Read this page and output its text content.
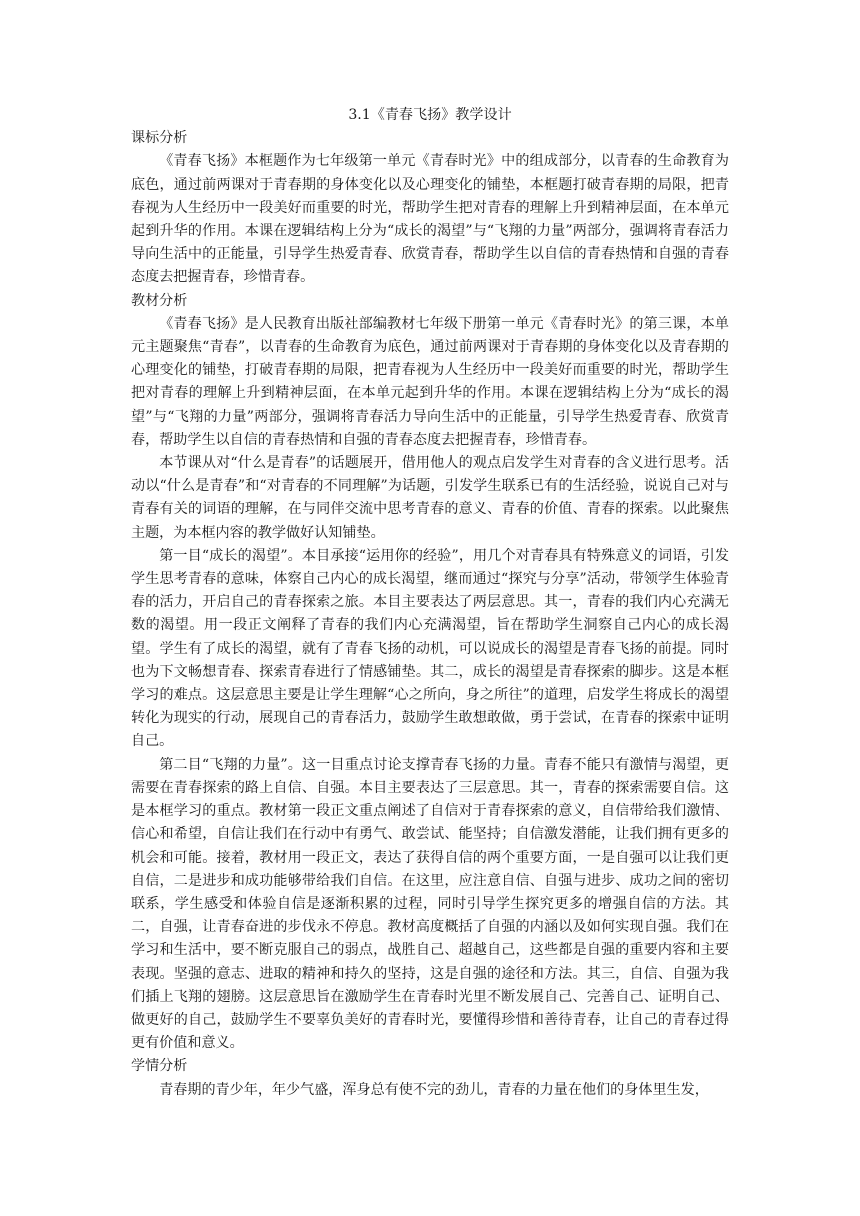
3.1《青春飞扬》教学设计

课标分析

《青春飞扬》本框题作为七年级第一单元《青春时光》中的组成部分，以青春的生命教育为底色，通过前两课对于青春期的身体变化以及心理变化的铺垫，本框题打破青春期的局限，把青春视为人生经历中一段美好而重要的时光，帮助学生把对青春的理解上升到精神层面，在本单元起到升华的作用。本课在逻辑结构上分为“成长的渴望”与“飞翔的力量”两部分，强调将青春活力导向生活中的正能量，引导学生热爱青春、欣赏青春，帮助学生以自信的青春热情和自强的青春态度去把握青春，珍惜青春。

教材分析

《青春飞扬》是人民教育出版社部编教材七年级下册第一单元《青春时光》的第三课，本单元主题聚焦“青春”，以青春的生命教育为底色，通过前两课对于青春期的身体变化以及青春期的心理变化的铺垫，打破青春期的局限，把青春视为人生经历中一段美好而重要的时光，帮助学生把对青春的理解上升到精神层面，在本单元起到升华的作用。本课在逻辑结构上分为“成长的渴望”与“飞翔的力量”两部分，强调将青春活力导向生活中的正能量，引导学生热爱青春、欣赏青春，帮助学生以自信的青春热情和自强的青春态度去把握青春，珍惜青春。

本节课从对“什么是青春”的话题展开，借用他人的观点启发学生对青春的含义进行思考。活动以“什么是青春”和“对青春的不同理解”为话题，引发学生联系已有的生活经验，说说自己对与青春有关的词语的理解，在与同伴交流中思考青春的意义、青春的价值、青春的探索。以此聚焦主题，为本框内容的教学做好认知铺垫。

第一目“成长的渴望”。本目承接“运用你的经验”，用几个对青春具有特殊意义的词语，引发学生思考青春的意味，体察自己内心的成长渴望，继而通过“探究与分享”活动，带领学生体验青春的活力，开启自己的青春探索之旅。本目主要表达了两层意思。其一，青春的我们内心充满无数的渴望。用一段正文阐释了青春的我们内心充满渴望，旨在帮助学生洞察自己内心的成长渴望。学生有了成长的渴望，就有了青春飞扬的动机，可以说成长的渴望是青春飞扬的前提。同时也为下文畅想青春、探索青春进行了情感铺垫。其二，成长的渴望是青春探索的脚步。这是本框学习的难点。这层意思主要是让学生理解“心之所向，身之所往”的道理，启发学生将成长的渴望转化为现实的行动，展现自己的青春活力，鼓励学生敢想敢做，勇于尝试，在青春的探索中证明自己。

第二目“飞翔的力量”。这一目重点讨论支撑青春飞扬的力量。青春不能只有激情与渴望，更需要在青春探索的路上自信、自强。本目主要表达了三层意思。其一，青春的探索需要自信。这是本框学习的重点。教材第一段正文重点阐述了自信对于青春探索的意义，自信带给我们激情、信心和希望，自信让我们在行动中有勇气、敢尝试、能坚持；自信激发潜能，让我们拥有更多的机会和可能。接着，教材用一段正文，表达了获得自信的两个重要方面，一是自强可以让我们更自信，二是进步和成功能够带给我们自信。在这里，应注意自信、自强与进步、成功之间的密切联系，学生感受和体验自信是逐渐积累的过程，同时引导学生探究更多的增强自信的方法。其二，自强，让青春奋进的步伐永不停息。教材高度概括了自强的内涵以及如何实现自强。我们在学习和生活中，要不断克服自己的弱点，战胜自己、超越自己，这些都是自强的重要内容和主要表现。坚强的意志、进取的精神和持久的坚持，这是自强的途径和方法。其三，自信、自强为我们插上飞翔的翅膀。这层意思旨在激励学生在青春时光里不断发展自己、完善自己、证明自己、做更好的自己，鼓励学生不要辜负美好的青春时光，要懂得珍惜和善待青春，让自己的青春过得更有价值和意义。

学情分析

青春期的青少年，年少气盛，浑身总有使不完的劲儿，青春的力量在他们的身体里生发，
